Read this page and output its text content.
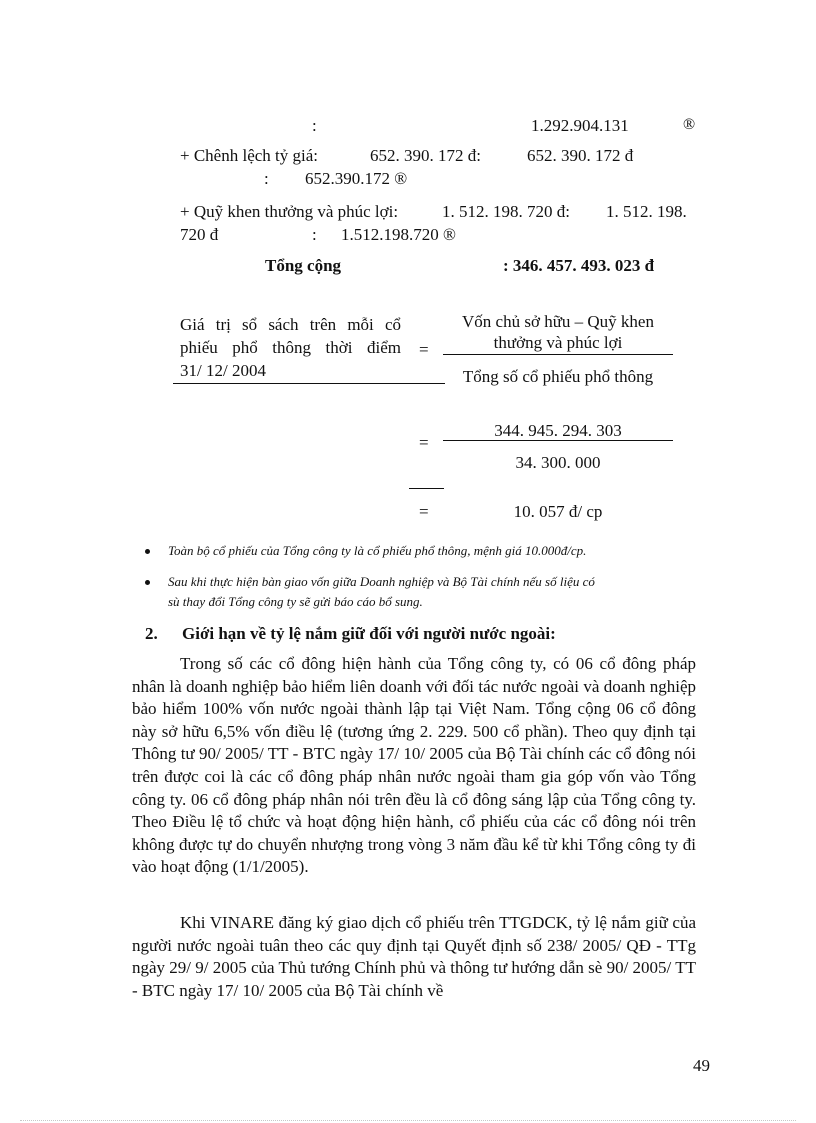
:	1.292.904.131	®
+ Chênh lệch tỷ giá:	652. 390. 172 đ:	652. 390. 172 đ
: 652.390.172 ®
+ Quỹ khen thưởng và phúc lợi:	1. 512. 198. 720 đ: 1. 512. 198.
720 đ	: 1.512.198.720 ®
Tổng cộng	: 346. 457. 493. 023 đ
Giá trị sổ sách trên mỗi cổ
phiếu phổ thông thời điểm
31/ 12/ 2004
=
Vốn chủ sở hữu – Quỹ khen
thưởng và phúc lợi
Tổng số cổ phiếu phổ thông
=
344. 945. 294. 303
34. 300. 000
=	10. 057 đ/ cp
Toàn bộ cổ phiếu của Tổng công ty là cổ phiếu phổ thông, mệnh giá 10.000đ/cp.
Sau khi thực hiện bàn giao vốn giữa Doanh nghiệp và Bộ Tài chính nếu số liệu có
sù thay đổi Tổng công ty sẽ gửi báo cáo bổ sung.
2. Giới hạn về tỷ lệ nắm giữ đối với người nước ngoài:
Trong số các cổ đông hiện hành của Tổng công ty, có 06 cổ đông pháp nhân là doanh nghiệp bảo hiểm liên doanh với đối tác nước ngoài và doanh nghiệp bảo hiểm 100% vốn nước ngoài thành lập tại Việt Nam. Tổng cộng 06 cổ đông này sở hữu 6,5% vốn điều lệ (tương ứng 2. 229. 500 cổ phần). Theo quy định tại Thông tư 90/ 2005/ TT - BTC ngày 17/ 10/ 2005 của Bộ Tài chính các cổ đông nói trên được coi là các cổ đông pháp nhân nước ngoài tham gia góp vốn vào Tổng công ty. 06 cổ đông pháp nhân nói trên đều là cổ đông sáng lập của Tổng công ty. Theo Điều lệ tổ chức và hoạt động hiện hành, cổ phiếu của các cổ đông nói trên không được tự do chuyển nhượng trong vòng 3 năm đầu kể từ khi Tổng công ty đi vào hoạt động (1/1/2005).
Khi VINARE đăng ký giao dịch cổ phiếu trên TTGDCK, tỷ lệ nắm giữ của người nước ngoài tuân theo các quy định tại Quyết định số 238/ 2005/ QĐ - TTg ngày 29/ 9/ 2005 của Thủ tướng Chính phủ và thông tư hướng dẫn sè 90/ 2005/ TT - BTC ngày 17/ 10/ 2005 của Bộ Tài chính về
49
